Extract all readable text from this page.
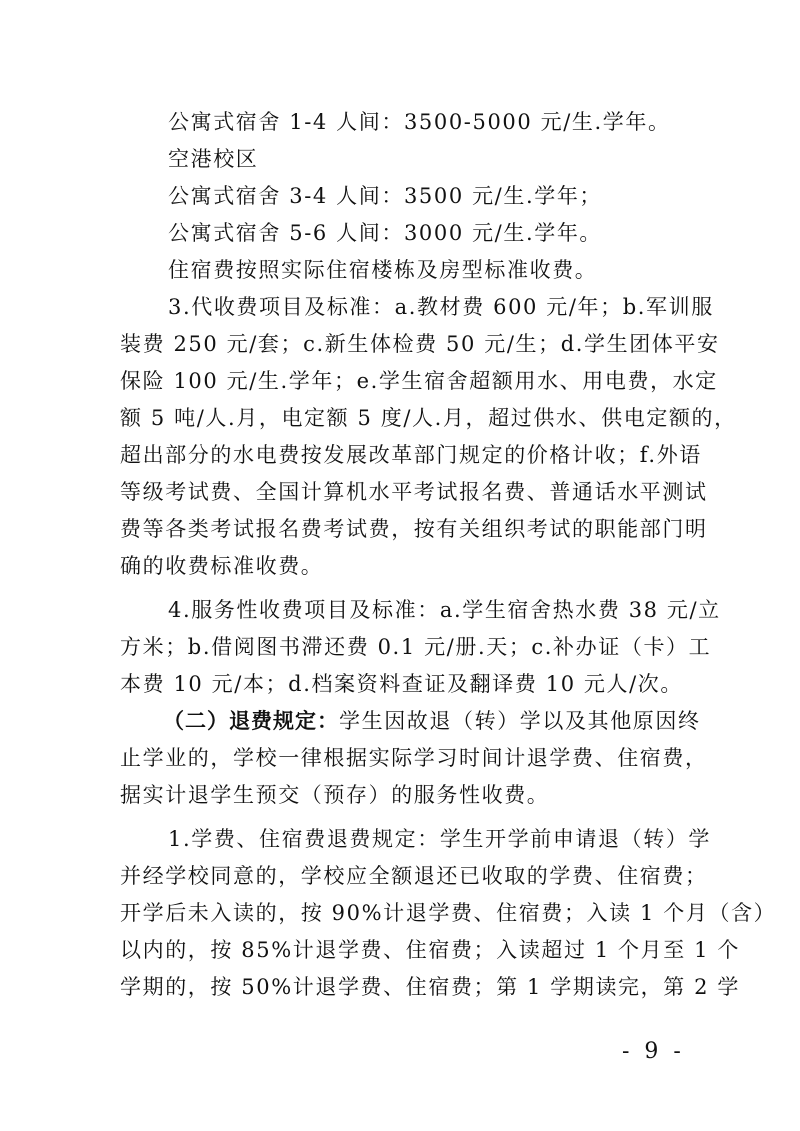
公寓式宿舍 1-4 人间：3500-5000 元/生.学年。
空港校区
公寓式宿舍 3-4 人间：3500 元/生.学年；
公寓式宿舍 5-6 人间：3000 元/生.学年。
住宿费按照实际住宿楼栋及房型标准收费。
3.代收费项目及标准：a.教材费 600 元/年；b.军训服
装费 250 元/套；c.新生体检费 50 元/生；d.学生团体平安
保险 100 元/生.学年；e.学生宿舍超额用水、用电费，水定
额 5 吨/人.月，电定额 5 度/人.月，超过供水、供电定额的，
超出部分的水电费按发展改革部门规定的价格计收；f.外语
等级考试费、全国计算机水平考试报名费、普通话水平测试
费等各类考试报名费考试费，按有关组织考试的职能部门明
确的收费标准收费。
4.服务性收费项目及标准：a.学生宿舍热水费 38 元/立
方米；b.借阅图书滞还费 0.1 元/册.天；c.补办证（卡）工
本费 10 元/本；d.档案资料查证及翻译费 10 元人/次。
（二）退费规定：学生因故退（转）学以及其他原因终
止学业的，学校一律根据实际学习时间计退学费、住宿费，
据实计退学生预交（预存）的服务性收费。
1.学费、住宿费退费规定：学生开学前申请退（转）学
并经学校同意的，学校应全额退还已收取的学费、住宿费；
开学后未入读的，按 90%计退学费、住宿费；入读 1 个月（含）
以内的，按 85%计退学费、住宿费；入读超过 1 个月至 1 个
学期的，按 50%计退学费、住宿费；第 1 学期读完，第 2 学
- 9 -
